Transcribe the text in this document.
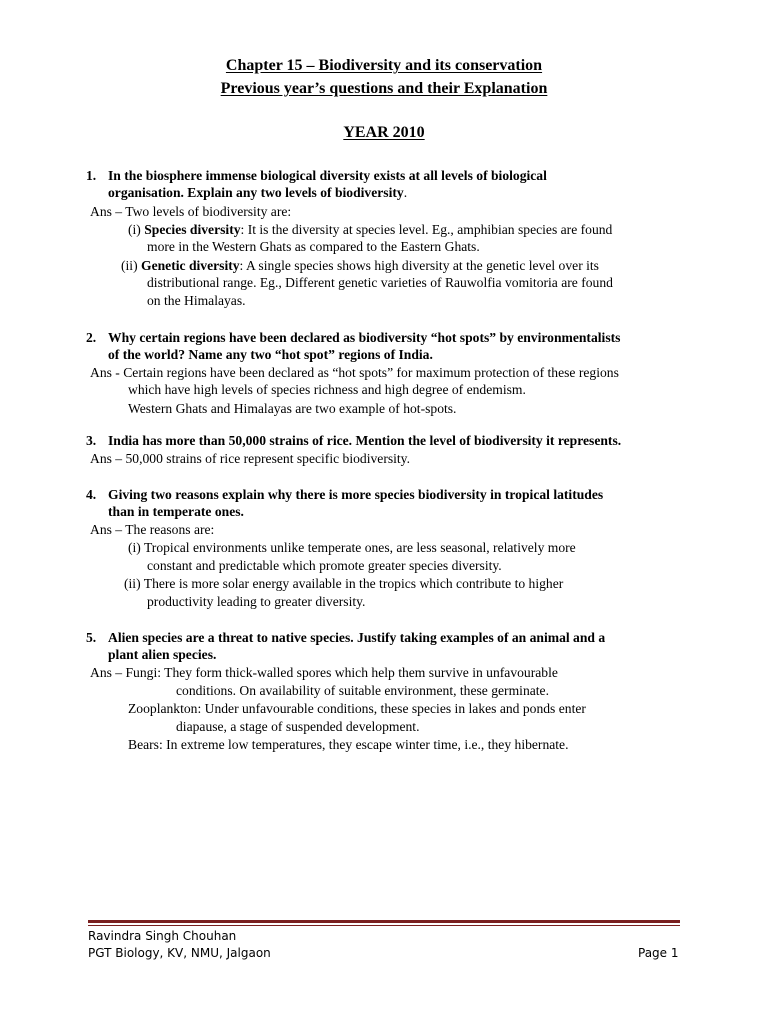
Chapter 15 – Biodiversity and its conservation
Previous year’s questions and their Explanation
YEAR 2010
1. In the biosphere immense biological diversity exists at all levels of biological
organisation. Explain any two levels of biodiversity.
Ans – Two levels of biodiversity are:
(i) Species diversity: It is the diversity at species level. Eg., amphibian species are found
more in the Western Ghats as compared to the Eastern Ghats.
(ii) Genetic diversity: A single species shows high diversity at the genetic level over its
distributional range. Eg., Different genetic varieties of Rauwolfia vomitoria are found
on the Himalayas.
2. Why certain regions have been declared as biodiversity “hot spots” by environmentalists
of the world? Name any two “hot spot” regions of India.
Ans - Certain regions have been declared as “hot spots” for maximum protection of these regions
which have high levels of species richness and high degree of endemism.
Western Ghats and Himalayas are two example of hot-spots.
3. India has more than 50,000 strains of rice. Mention the level of biodiversity it represents.
Ans – 50,000 strains of rice represent specific biodiversity.
4. Giving two reasons explain why there is more species biodiversity in tropical latitudes
than in temperate ones.
Ans – The reasons are:
(i) Tropical environments unlike temperate ones, are less seasonal, relatively more
constant and predictable which promote greater species diversity.
(ii) There is more solar energy available in the tropics which contribute to higher
productivity leading to greater diversity.
5. Alien species are a threat to native species. Justify taking examples of an animal and a
plant alien species.
Ans – Fungi: They form thick-walled spores which help them survive in unfavourable
conditions. On availability of suitable environment, these germinate.
Zooplankton: Under unfavourable conditions, these species in lakes and ponds enter
diapause, a stage of suspended development.
Bears: In extreme low temperatures, they escape winter time, i.e., they hibernate.
Ravindra Singh Chouhan
PGT Biology, KV, NMU, Jalgaon	Page 1
